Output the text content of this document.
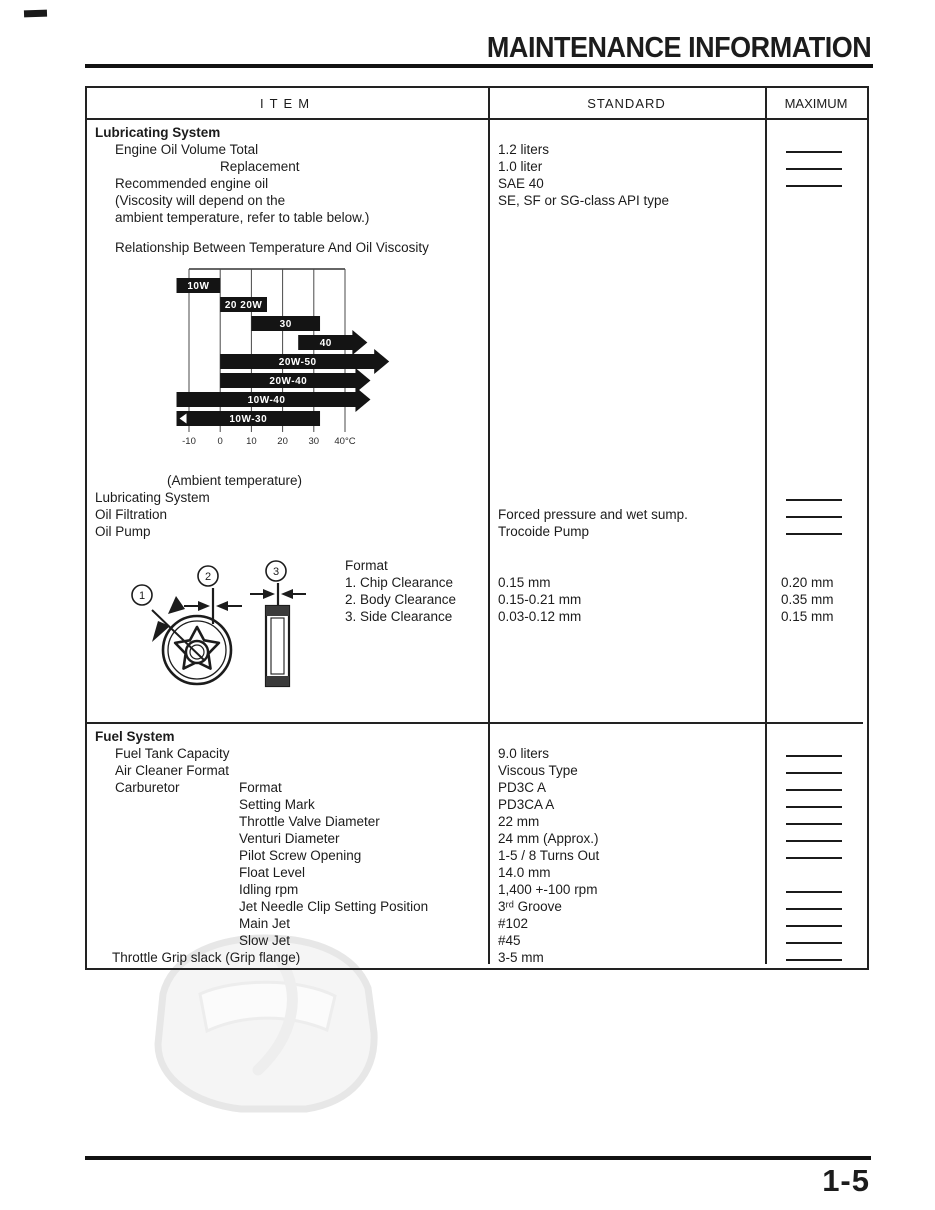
MAINTENANCE INFORMATION
ITEM	STANDARD	MAXIMUM
Lubricating System
Engine Oil Volume Total	1.2 liters
Replacement	1.0 liter
Recommended engine oil	SAE 40
(Viscosity will depend on the	SE, SF or SG-class API type
ambient temperature, refer to table below.)
Relationship Between Temperature And Oil Viscosity
(Ambient temperature)
Lubricating System
Oil Filtration	Forced pressure and wet sump.
Oil Pump	Trocoide Pump
Format
1. Chip Clearance	0.15 mm	0.20 mm
2. Body Clearance	0.15-0.21 mm	0.35 mm
3. Side Clearance	0.03-0.12 mm	0.15 mm
Fuel System
Fuel Tank Capacity	9.0 liters
Air Cleaner Format	Viscous Type
Carburetor	Format	PD3C A
Setting Mark	PD3CA A
Throttle Valve Diameter	22 mm
Venturi Diameter	24 mm (Approx.)
Pilot Screw Opening	1-5 / 8 Turns Out
Float Level	14.0 mm
Idling rpm	1,400 +-100 rpm
Jet Needle Clip Setting Position	3ʳᵈ Groove
Main Jet	#102
Slow Jet	#45
Throttle Grip slack (Grip flange)	3-5 mm
-10 0 10 20 30 40°C
10W
20 20W
30
40
20W-50
20W-40
10W-40
10W-30
1
2	3
1-5
